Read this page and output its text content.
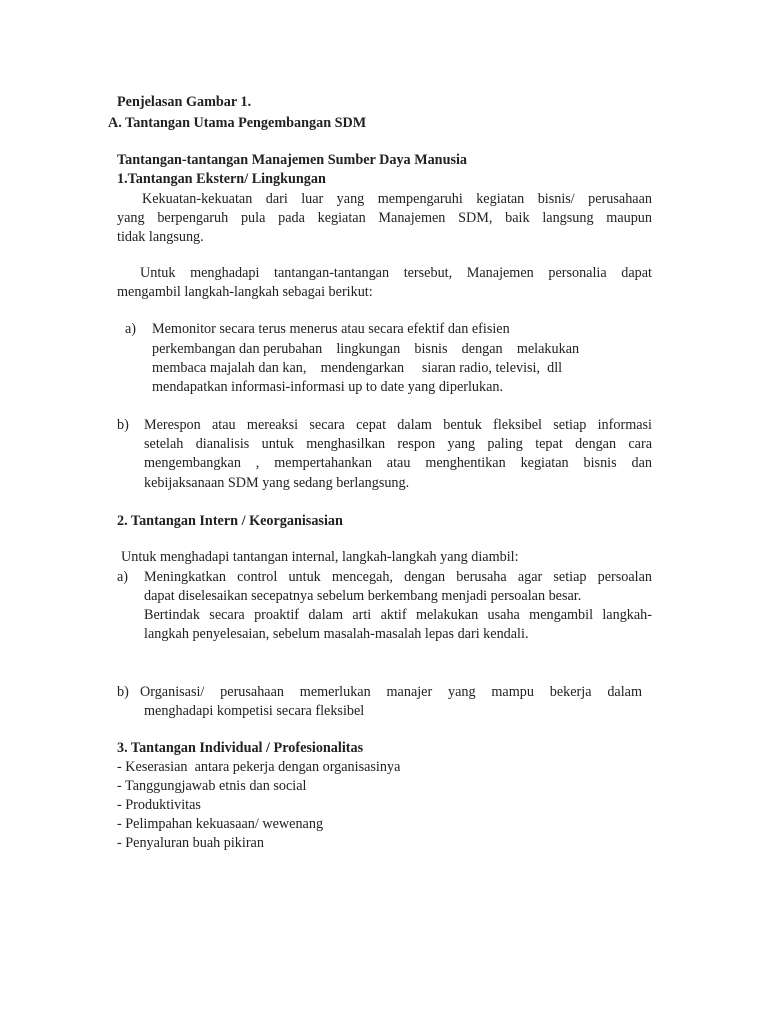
Penjelasan Gambar 1.
A. Tantangan Utama Pengembangan SDM
Tantangan-tantangan Manajemen Sumber Daya Manusia
1.Tantangan Ekstern/ Lingkungan
Kekuatan-kekuatan dari luar yang mempengaruhi kegiatan bisnis/ perusahaan
yang berpengaruh pula pada kegiatan Manajemen SDM, baik langsung maupun
tidak langsung.
Untuk menghadapi tantangan-tantangan tersebut, Manajemen personalia dapat
mengambil langkah-langkah sebagai berikut:
a) Memonitor secara terus menerus atau secara efektif dan efisien
perkembangan dan perubahan    lingkungan    bisnis    dengan    melakukan
membaca majalah dan kan,    mendengarkan     siaran radio, televisi,  dll
mendapatkan informasi-informasi up to date yang diperlukan.
b) Merespon atau mereaksi secara cepat dalam bentuk fleksibel setiap informasi
setelah dianalisis untuk menghasilkan respon yang paling tepat dengan cara
mengembangkan , mempertahankan atau menghentikan kegiatan bisnis dan
kebijaksanaan SDM yang sedang berlangsung.
2. Tantangan Intern / Keorganisasian
Untuk menghadapi tantangan internal, langkah-langkah yang diambil:
a) Meningkatkan control untuk mencegah, dengan berusaha agar setiap persoalan
dapat diselesaikan secepatnya sebelum berkembang menjadi persoalan besar.
Bertindak secara proaktif dalam arti aktif melakukan usaha mengambil langkah-
langkah penyelesaian, sebelum masalah-masalah lepas dari kendali.
b) Organisasi/ perusahaan memerlukan manajer yang mampu bekerja dalam
menghadapi kompetisi secara fleksibel
3. Tantangan Individual / Profesionalitas
- Keserasian  antara pekerja dengan organisasinya
- Tanggungjawab etnis dan social
- Produktivitas
- Pelimpahan kekuasaan/ wewenang
- Penyaluran buah pikiran
